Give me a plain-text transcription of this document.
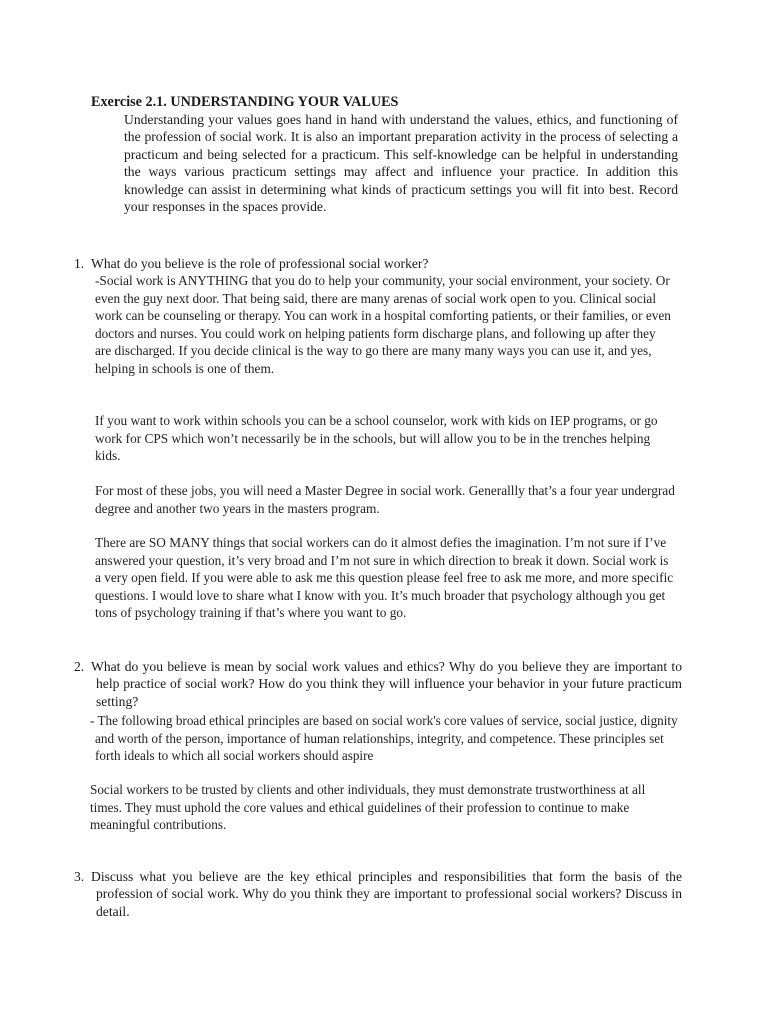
Exercise 2.1. UNDERSTANDING YOUR VALUES

Understanding your values goes hand in hand with understand the values, ethics, and functioning of the profession of social work. It is also an important preparation activity in the process of selecting a practicum and being selected for a practicum. This self-knowledge can be helpful in understanding the ways various practicum settings may affect and influence your practice. In addition this knowledge can assist in determining what kinds of practicum settings you will fit into best. Record your responses in the spaces provide.

1. What do you believe is the role of professional social worker?

-Social work is ANYTHING that you do to help your community, your social environment, your society. Or even the guy next door. That being said, there are many arenas of social work open to you. Clinical social work can be counseling or therapy. You can work in a hospital comforting patients, or their families, or even doctors and nurses. You could work on helping patients form discharge plans, and following up after they are discharged. If you decide clinical is the way to go there are many many ways you can use it, and yes, helping in schools is one of them.

If you want to work within schools you can be a school counselor, work with kids on IEP programs, or go work for CPS which won’t necessarily be in the schools, but will allow you to be in the trenches helping kids.

For most of these jobs, you will need a Master Degree in social work. Generallly that’s a four year undergrad degree and another two years in the masters program.

There are SO MANY things that social workers can do it almost defies the imagination. I’m not sure if I’ve answered your question, it’s very broad and I’m not sure in which direction to break it down. Social work is a very open field. If you were able to ask me this question please feel free to ask me more, and more specific questions. I would love to share what I know with you. It’s much broader that psychology although you get tons of psychology training if that’s where you want to go.

2. What do you believe is mean by social work values and ethics? Why do you believe they are important to help practice of social work? How do you think they will influence your behavior in your future practicum setting?

- The following broad ethical principles are based on social work's core values of service, social justice, dignity and worth of the person, importance of human relationships, integrity, and competence. These principles set forth ideals to which all social workers should aspire

Social workers to be trusted by clients and other individuals, they must demonstrate trustworthiness at all times. They must uphold the core values and ethical guidelines of their profession to continue to make meaningful contributions.

3. Discuss what you believe are the key ethical principles and responsibilities that form the basis of the profession of social work. Why do you think they are important to professional social workers? Discuss in detail.
